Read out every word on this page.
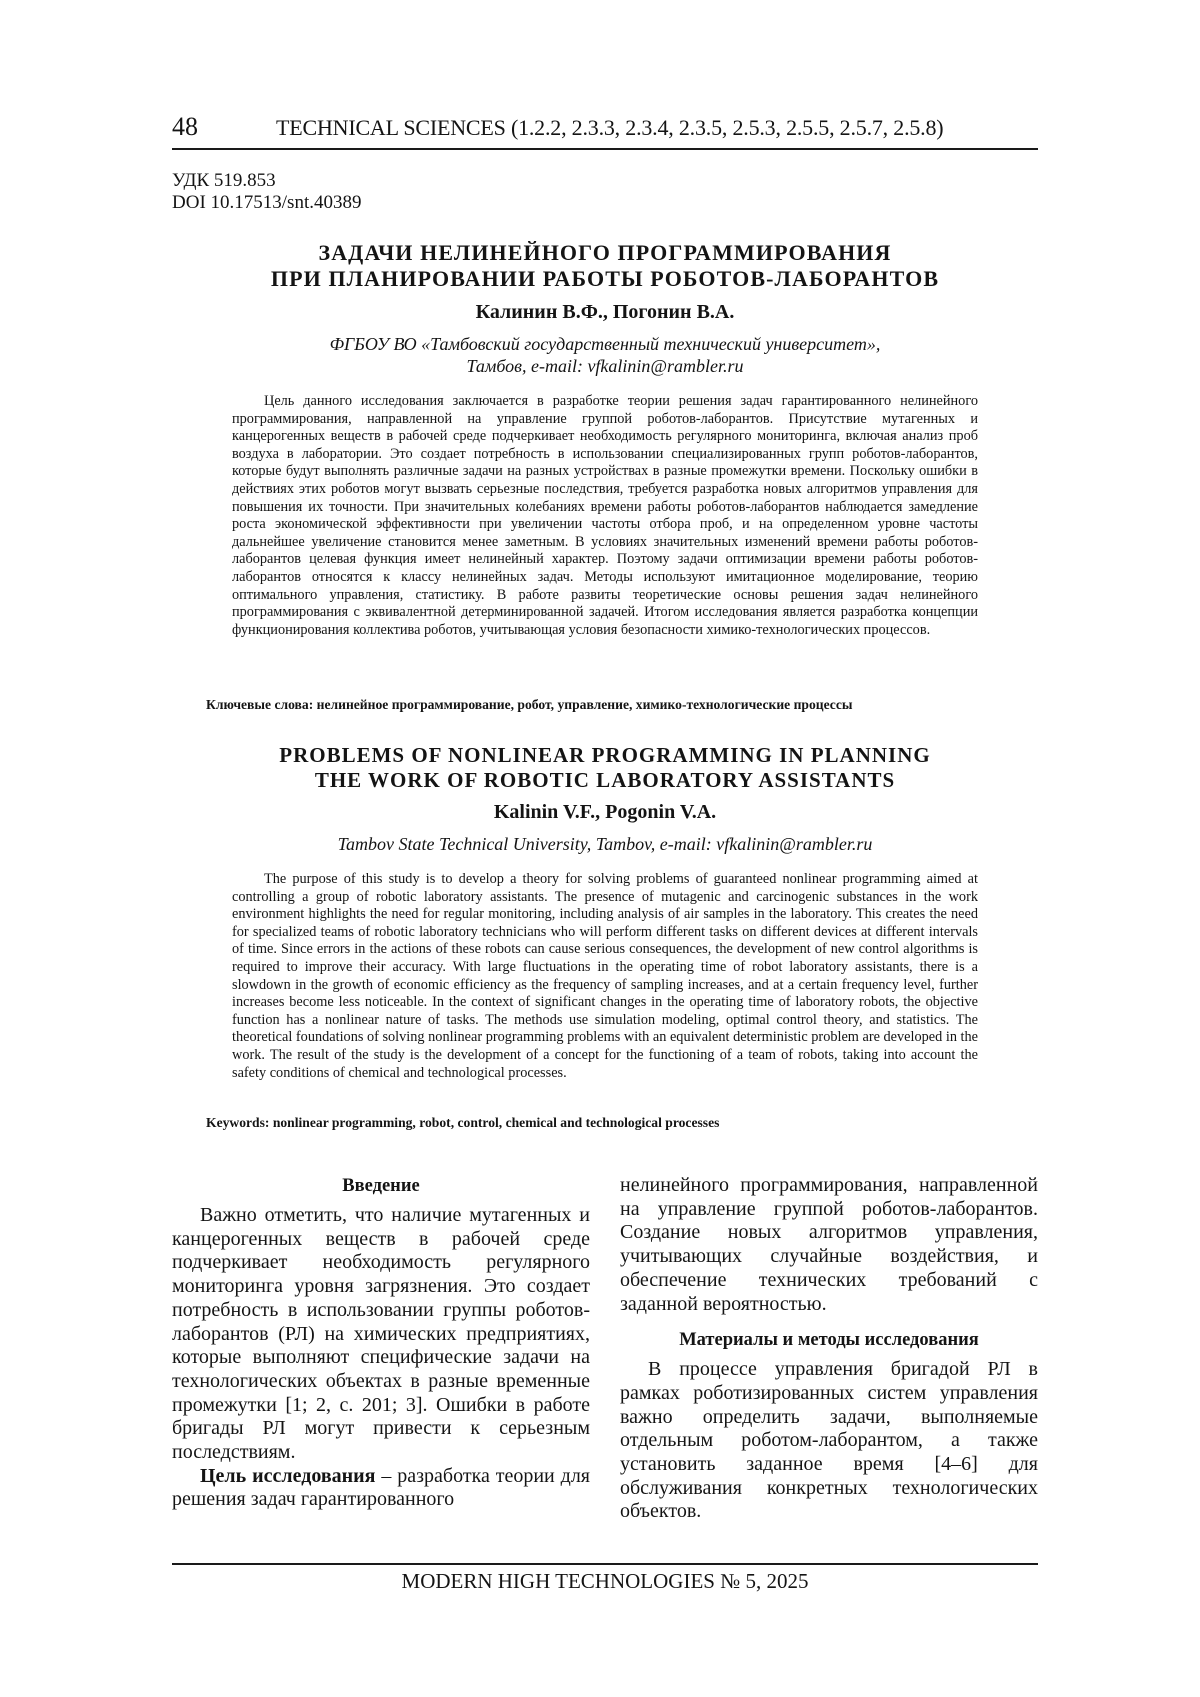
48	TECHNICAL SCIENCES (1.2.2, 2.3.3, 2.3.4, 2.3.5, 2.5.3, 2.5.5, 2.5.7, 2.5.8)
УДК 519.853
DOI 10.17513/snt.40389
ЗАДАЧИ НЕЛИНЕЙНОГО ПРОГРАММИРОВАНИЯ
ПРИ ПЛАНИРОВАНИИ РАБОТЫ РОБОТОВ-ЛАБОРАНТОВ
Калинин В.Ф., Погонин В.А.
ФГБОУ ВО «Тамбовский государственный технический университет»,
Тамбов, e-mail: vfkalinin@rambler.ru
Цель данного исследования заключается в разработке теории решения задач гарантированного нелинейного программирования, направленной на управление группой роботов-лаборантов. Присутствие мутагенных и канцерогенных веществ в рабочей среде подчеркивает необходимость регулярного мониторинга, включая анализ проб воздуха в лаборатории. Это создает потребность в использовании специализированных групп роботов-лаборантов, которые будут выполнять различные задачи на разных устройствах в разные промежутки времени. Поскольку ошибки в действиях этих роботов могут вызвать серьезные последствия, требуется разработка новых алгоритмов управления для повышения их точности. При значительных колебаниях времени работы роботов-лаборантов наблюдается замедление роста экономической эффективности при увеличении частоты отбора проб, и на определенном уровне частоты дальнейшее увеличение становится менее заметным. В условиях значительных изменений времени работы роботов-лаборантов целевая функция имеет нелинейный характер. Поэтому задачи оптимизации времени работы роботов-лаборантов относятся к классу нелинейных задач. Методы используют имитационное моделирование, теорию оптимального управления, статистику. В работе развиты теоретические основы решения задач нелинейного программирования с эквивалентной детерминированной задачей. Итогом исследования является разработка концепции функционирования коллектива роботов, учитывающая условия безопасности химико-технологических процессов.
Ключевые слова: нелинейное программирование, робот, управление, химико-технологические процессы
PROBLEMS OF NONLINEAR PROGRAMMING IN PLANNING
THE WORK OF ROBOTIC LABORATORY ASSISTANTS
Kalinin V.F., Pogonin V.A.
Tambov State Technical University, Tambov, e-mail: vfkalinin@rambler.ru
The purpose of this study is to develop a theory for solving problems of guaranteed nonlinear programming aimed at controlling a group of robotic laboratory assistants. The presence of mutagenic and carcinogenic substances in the work environment highlights the need for regular monitoring, including analysis of air samples in the laboratory. This creates the need for specialized teams of robotic laboratory technicians who will perform different tasks on different devices at different intervals of time. Since errors in the actions of these robots can cause serious consequences, the development of new control algorithms is required to improve their accuracy. With large fluctuations in the operating time of robot laboratory assistants, there is a slowdown in the growth of economic efficiency as the frequency of sampling increases, and at a certain frequency level, further increases become less noticeable. In the context of significant changes in the operating time of laboratory robots, the objective function has a nonlinear nature of tasks. The methods use simulation modeling, optimal control theory, and statistics. The theoretical foundations of solving nonlinear programming problems with an equivalent deterministic problem are developed in the work. The result of the study is the development of a concept for the functioning of a team of robots, taking into account the safety conditions of chemical and technological processes.
Keywords: nonlinear programming, robot, control, chemical and technological processes
Введение

Важно отметить, что наличие мутагенных и канцерогенных веществ в рабочей среде подчеркивает необходимость регулярного мониторинга уровня загрязнения. Это создает потребность в использовании группы роботов-лаборантов (РЛ) на химических предприятиях, которые выполняют специфические задачи на технологических объектах в разные временные промежутки [1; 2, с. 201; 3]. Ошибки в работе бригады РЛ могут привести к серьезным последствиям.

Цель исследования – разработка теории для решения задач гарантированного

нелинейного программирования, направленной на управление группой роботов-лаборантов. Создание новых алгоритмов управления, учитывающих случайные воздействия, и обеспечение технических требований с заданной вероятностью.

Материалы и методы исследования

В процессе управления бригадой РЛ в рамках роботизированных систем управления важно определить задачи, выполняемые отдельным роботом-лаборантом, а также установить заданное время [4–6] для обслуживания конкретных технологических объектов.

MODERN HIGH TECHNOLOGIES № 5, 2025
